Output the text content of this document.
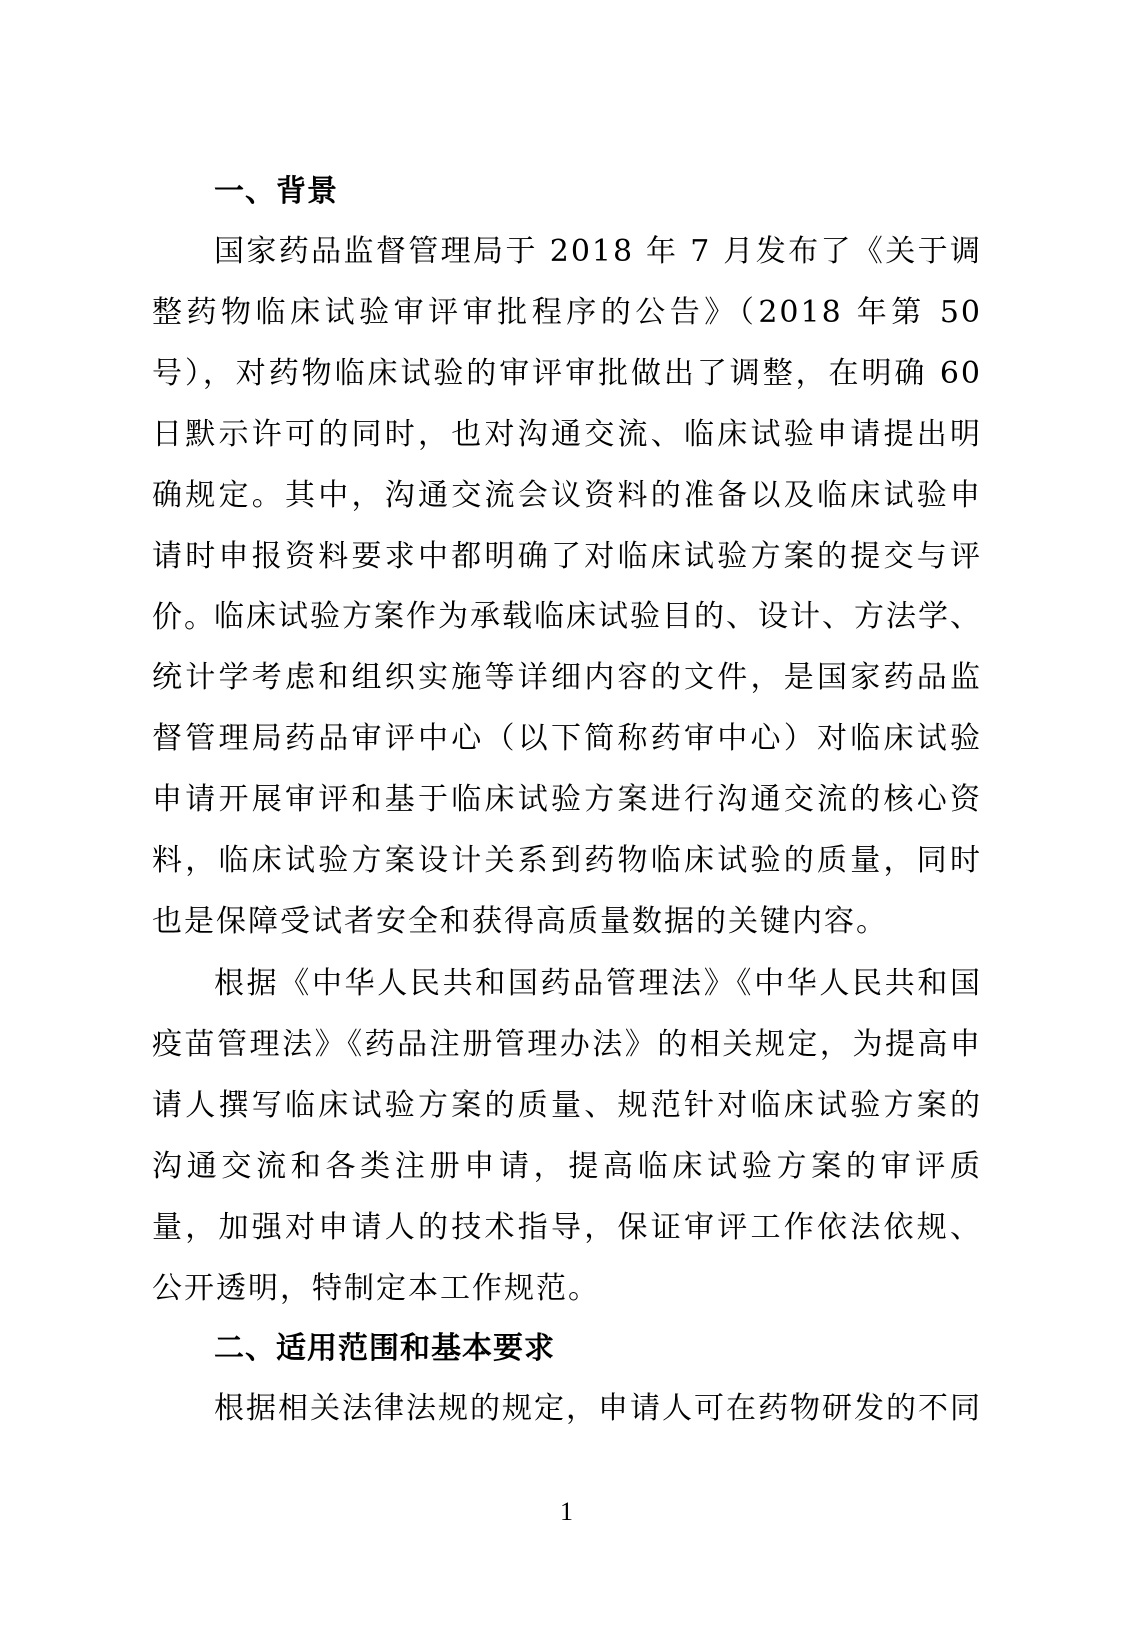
一、背景

国家药品监督管理局于 2018 年 7 月发布了《关于调整药物临床试验审评审批程序的公告》（2018 年第 50 号），对药物临床试验的审评审批做出了调整，在明确 60 日默示许可的同时，也对沟通交流、临床试验申请提出明确规定。其中，沟通交流会议资料的准备以及临床试验申请时申报资料要求中都明确了对临床试验方案的提交与评价。

临床试验方案作为承载临床试验目的、设计、方法学、统计学考虑和组织实施等详细内容的文件，是国家药品监督管理局药品审评中心（以下简称药审中心）对临床试验申请开展审评和基于临床试验方案进行沟通交流的核心资料，临床试验方案设计关系到药物临床试验的质量，同时也是保障受试者安全和获得高质量数据的关键内容。

根据《中华人民共和国药品管理法》《中华人民共和国疫苗管理法》《药品注册管理办法》的相关规定，为提高申请人撰写临床试验方案的质量、规范针对临床试验方案的沟通交流和各类注册申请，提高临床试验方案的审评质量，加强对申请人的技术指导，保证审评工作依法依规、公开透明，特制定本工作规范。

二、适用范围和基本要求

根据相关法律法规的规定，申请人可在药物研发的不同

1
